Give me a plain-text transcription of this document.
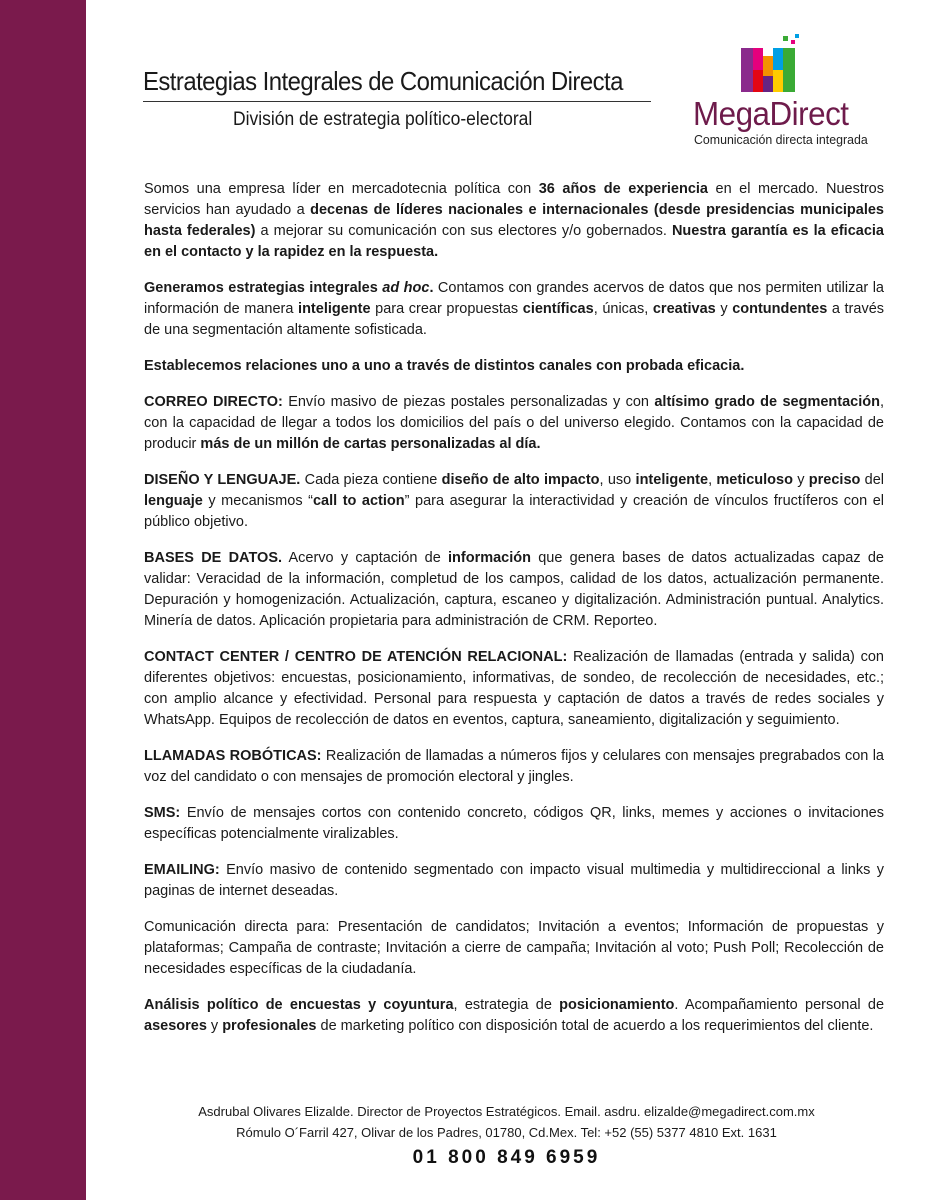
Estrategias Integrales de Comunicación Directa
División de estrategia político-electoral	MegaDirect
Comunicación directa integrada

Somos una empresa líder en mercadotecnia política con 36 años de experiencia en el mercado. Nuestros servicios han ayudado a decenas de líderes nacionales e internacionales (desde presidencias municipales hasta federales) a mejorar su comunicación con sus electores y/o gobernados. Nuestra garantía es la eficacia en el contacto y la rapidez en la respuesta.

Generamos estrategias integrales ad hoc. Contamos con grandes acervos de datos que nos permiten utilizar la información de manera inteligente para crear propuestas científicas, únicas, creativas y contundentes a través de una segmentación altamente sofisticada.

Establecemos relaciones uno a uno a través de distintos canales con probada eficacia.

CORREO DIRECTO: Envío masivo de piezas postales personalizadas y con altísimo grado de segmentación, con la capacidad de llegar a todos los domicilios del país o del universo elegido. Contamos con la capacidad de producir más de un millón de cartas personalizadas al día.

DISEÑO Y LENGUAJE. Cada pieza contiene diseño de alto impacto, uso inteligente, meticuloso y preciso del lenguaje y mecanismos “call to action” para asegurar la interactividad y creación de vínculos fructíferos con el público objetivo.

BASES DE DATOS. Acervo y captación de información que genera bases de datos actualizadas capaz de validar: Veracidad de la información, completud de los campos, calidad de los datos, actualización permanente. Depuración y homogenización. Actualización, captura, escaneo y digitalización. Administración puntual. Analytics. Minería de datos. Aplicación propietaria para administración de CRM. Reporteo.

CONTACT CENTER / CENTRO DE ATENCIÓN RELACIONAL: Realización de llamadas (entrada y salida) con diferentes objetivos: encuestas, posicionamiento, informativas, de sondeo, de recolección de necesidades, etc.; con amplio alcance y efectividad. Personal para respuesta y captación de datos a través de redes sociales y WhatsApp. Equipos de recolección de datos en eventos, captura, saneamiento, digitalización y seguimiento.

LLAMADAS ROBÓTICAS: Realización de llamadas a números fijos y celulares con mensajes pregrabados con la voz del candidato o con mensajes de promoción electoral y jingles.

SMS: Envío de mensajes cortos con contenido concreto, códigos QR, links, memes y acciones o invitaciones específicas potencialmente viralizables.

EMAILING: Envío masivo de contenido segmentado con impacto visual multimedia y multidireccional a links y paginas de internet deseadas.

Comunicación directa para: Presentación de candidatos; Invitación a eventos; Información de propuestas y plataformas; Campaña de contraste; Invitación a cierre de campaña; Invitación al voto; Push Poll; Recolección de necesidades específicas de la ciudadanía.

Análisis político de encuestas y coyuntura, estrategia de posicionamiento. Acompañamiento personal de asesores y profesionales de marketing político con disposición total de acuerdo a los requerimientos del cliente.

Asdrubal Olivares Elizalde. Director de Proyectos Estratégicos. Email. asdru. elizalde@megadirect.com.mx
Rómulo O´Farril 427, Olivar de los Padres, 01780, Cd.Mex. Tel: +52 (55) 5377 4810 Ext. 1631
01 800 849 6959
